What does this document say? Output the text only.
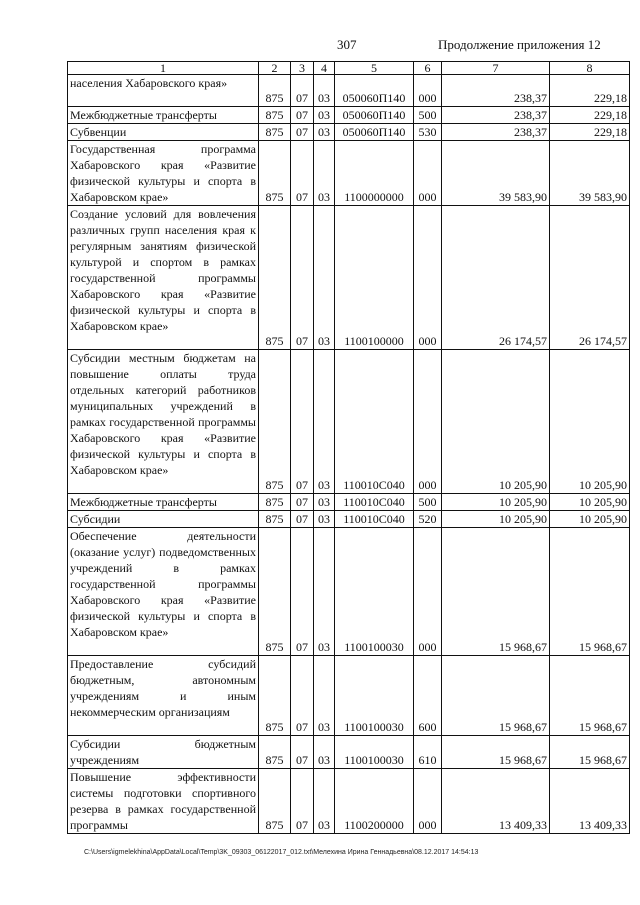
307	Продолжение приложения 12
1	2	3	4	5	6	7	8
населения Хабаровского края»	875	07	03	050060П140	000	238,37	229,18
Межбюджетные трансферты	875	07	03	050060П140	500	238,37	229,18
Субвенции	875	07	03	050060П140	530	238,37	229,18
Государственная программа Хабаровского края «Развитие физической культуры и спорта в Хабаровском крае»	875	07	03	1100000000	000	39 583,90	39 583,90
Создание условий для вовлечения различных групп населения края к регулярным занятиям физической культурой и спортом в рамках государственной программы Хабаровского края «Развитие физической культуры и спорта в Хабаровском крае»	875	07	03	1100100000	000	26 174,57	26 174,57
Субсидии местным бюджетам на повышение оплаты труда отдельных категорий работников муниципальных учреждений в рамках государственной программы Хабаровского края «Развитие физической культуры и спорта в Хабаровском крае»	875	07	03	110010С040	000	10 205,90	10 205,90
Межбюджетные трансферты	875	07	03	110010С040	500	10 205,90	10 205,90
Субсидии	875	07	03	110010С040	520	10 205,90	10 205,90
Обеспечение деятельности (оказание услуг) подведомственных учреждений в рамках государственной программы Хабаровского края «Развитие физической культуры и спорта в Хабаровском крае»	875	07	03	1100100030	000	15 968,67	15 968,67
Предоставление субсидий бюджетным, автономным учреждениям и иным некоммерческим организациям	875	07	03	1100100030	600	15 968,67	15 968,67
Субсидии бюджетным учреждениям	875	07	03	1100100030	610	15 968,67	15 968,67
Повышение эффективности системы подготовки спортивного резерва в рамках государственной программы	875	07	03	1100200000	000	13 409,33	13 409,33
C:\Users\igmelekhina\AppData\Local\Temp\3K_09303_06122017_012.txt\Мелехина Ирина Геннадьевна\08.12.2017 14:54:13
